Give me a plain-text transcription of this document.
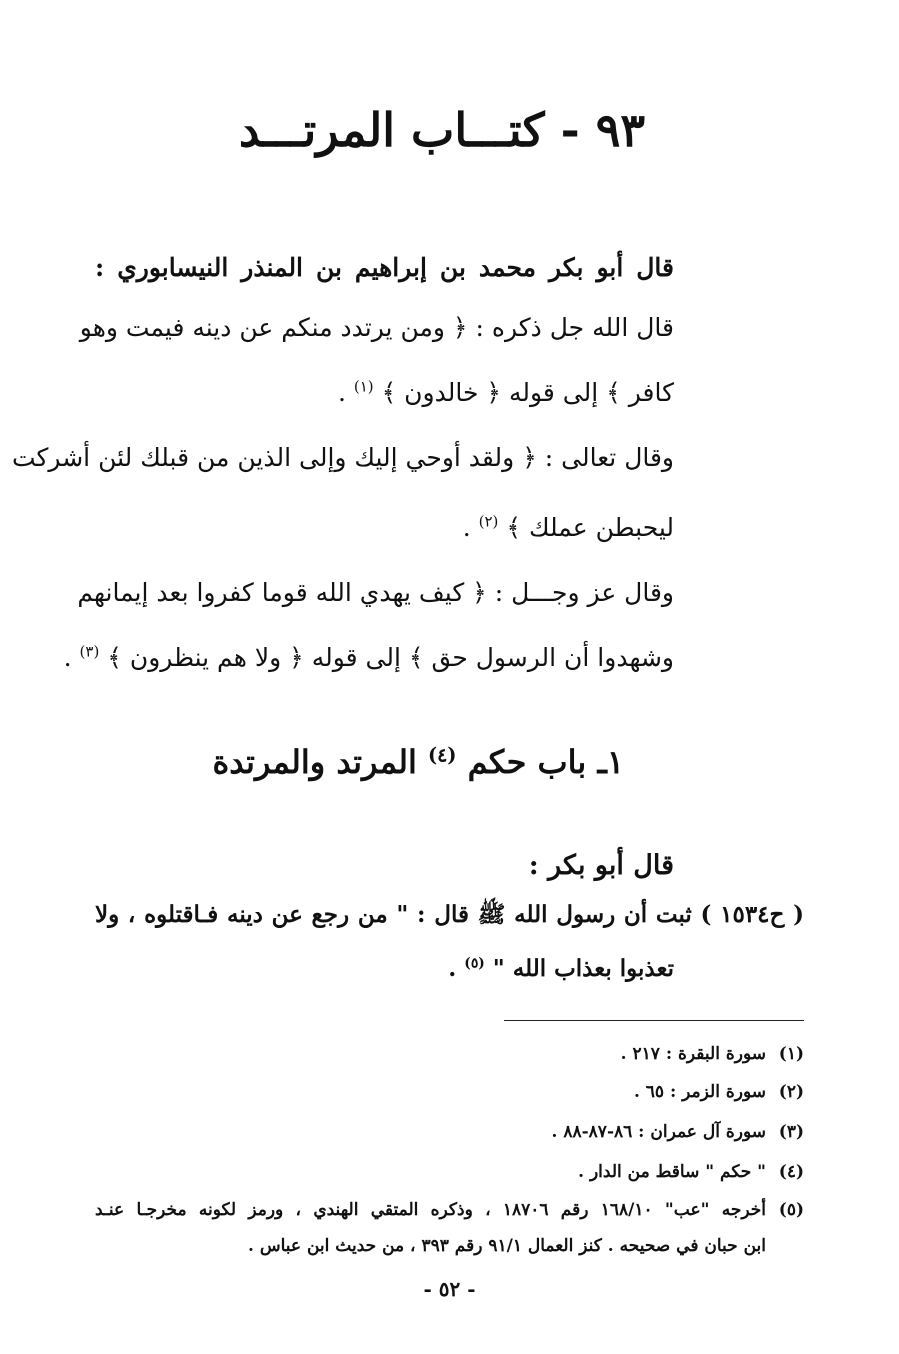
٩٣ - كتـــاب المرتـــد
قال أبو بكر محمد بن إبراهيم بن المنذر النيسابوري :
قال الله جل ذكره : ﴿ ومن يرتدد منكم عن دينه فيمت وهو
كافر ﴾ إلى قوله ﴿ خالدون ﴾ $^{(١)}$ .
وقال تعالى : ﴿ ولقد أوحي إليك وإلى الذين من قبلك لئن أشركت
ليحبطن عملك ﴾ $^{(٢)}$ .
وقال عز وجـــل : ﴿ كيف يهدي الله قوما كفروا بعد إيمانهم
وشهدوا أن الرسول حق ﴾ إلى قوله ﴿ ولا هم ينظرون ﴾ $^{(٣)}$ .
١ـ باب حكم $^{(٤)}$ المرتد والمرتدة
قال أبو بكر :
( ح١٥٣٤ ) ثبت أن رسول الله ﷺ قال : " من رجع عن دينه فـاقتلوه ، ولا
تعذبوا بعذاب الله " $^{(٥)}$ .
(١)سورة البقرة : ٢١٧ .
(٢)سورة الزمر : ٦٥ .
(٣)سورة آل عمران : ٨٦-٨٧-٨٨ .
(٤)" حكم " ساقط من الدار .
(٥)أخرجه "عب" ١٦٨/١٠ رقم ١٨٧٠٦ ، وذكره المتقي الهندي ، ورمز لكونه مخرجـا عنـد
ابن حبان في صحيحه . كنز العمال ٩١/١ رقم ٣٩٣ ، من حديث ابن عباس .
- ٥٢ -
